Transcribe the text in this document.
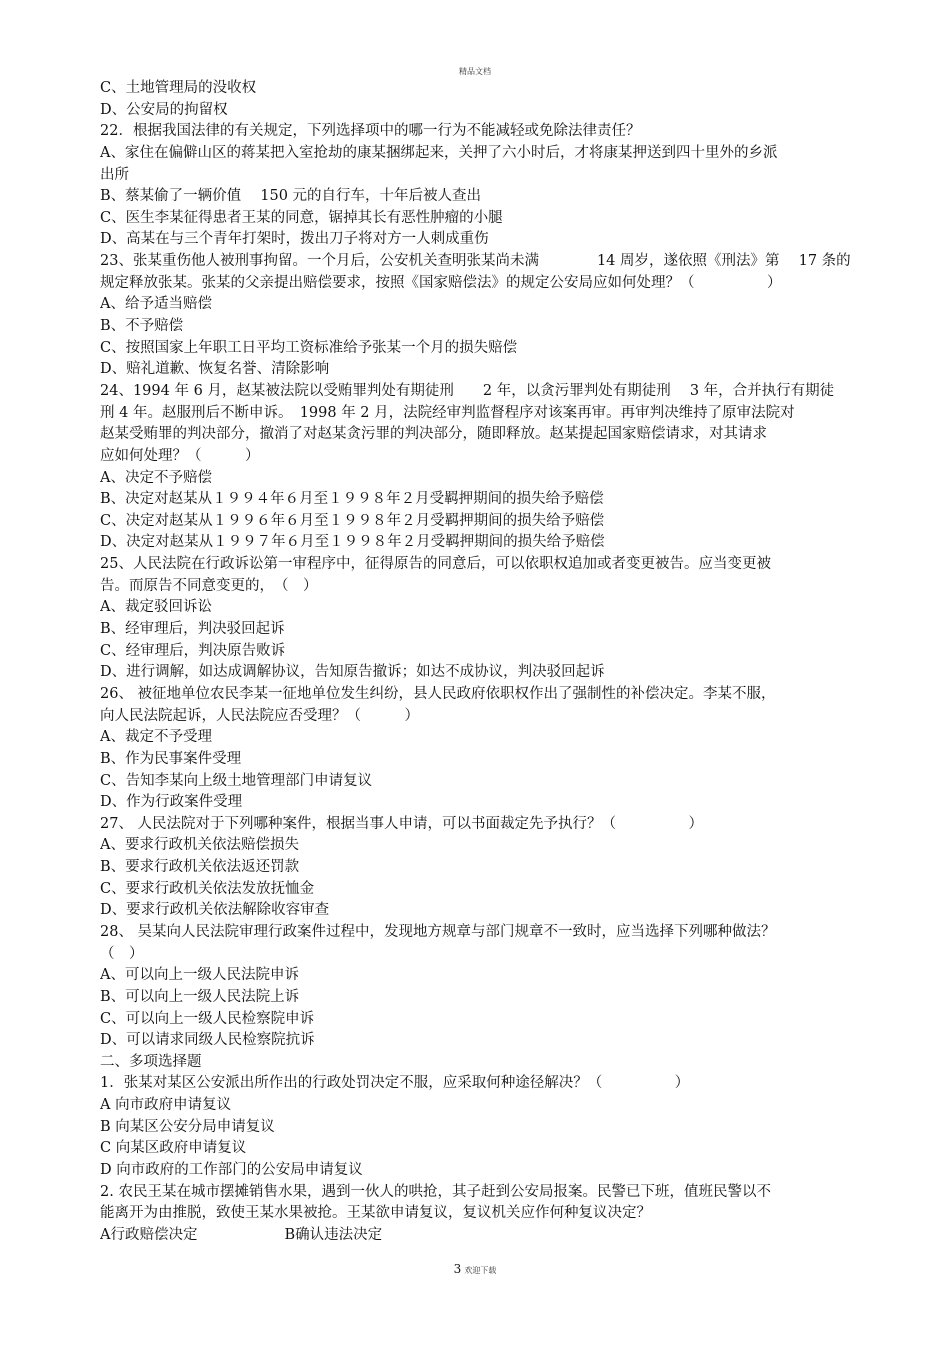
精品文档
C、土地管理局的没收权
D、公安局的拘留权
22．根据我国法律的有关规定，下列选择项中的哪一行为不能减轻或免除法律责任？
A、家住在偏僻山区的蒋某把入室抢劫的康某捆绑起来，关押了六小时后，才将康某押送到四十里外的乡派
出所
B、蔡某偷了一辆价值　 150 元的自行车，十年后被人查出
C、医生李某征得患者王某的同意，锯掉其长有恶性肿瘤的小腿
D、高某在与三个青年打架时，拨出刀子将对方一人刺成重伤
23、张某重伤他人被刑事拘留。一个月后，公安机关查明张某尚未满　　　　14 周岁，遂依照《刑法》第　 17 条的
规定释放张某。张某的父亲提出赔偿要求，按照《国家赔偿法》的规定公安局应如何处理？（　　　　　）
A、给予适当赔偿
B、不予赔偿
C、按照国家上年职工日平均工资标准给予张某一个月的损失赔偿
D、赔礼道歉、恢复名誉、清除影响
24、1994 年 6 月，赵某被法院以受贿罪判处有期徒刑　　2 年，以贪污罪判处有期徒刑　 3 年，合并执行有期徒
刑 4 年。赵服刑后不断申诉。　1998 年 2 月，法院经审判监督程序对该案再审。再审判决维持了原审法院对
赵某受贿罪的判决部分，撤消了对赵某贪污罪的判决部分，随即释放。赵某提起国家赔偿请求，对其请求
应如何处理？（　　　）
A、决定不予赔偿
B、决定对赵某从１９９４年６月至１９９８年２月受羁押期间的损失给予赔偿
C、决定对赵某从１９９６年６月至１９９８年２月受羁押期间的损失给予赔偿
D、决定对赵某从１９９７年６月至１９９８年２月受羁押期间的损失给予赔偿
25、人民法院在行政诉讼第一审程序中，征得原告的同意后，可以依职权追加或者变更被告。应当变更被
告。而原告不同意变更的，　（　）
A、裁定驳回诉讼
B、经审理后，判决驳回起诉
C、经审理后，判决原告败诉
D、进行调解，如达成调解协议，告知原告撤诉；如达不成协议，判决驳回起诉
26、 被征地单位农民李某一征地单位发生纠纷，县人民政府依职权作出了强制性的补偿决定。李某不服，
向人民法院起诉，人民法院应否受理？（　　　）
A、裁定不予受理
B、作为民事案件受理
C、告知李某向上级土地管理部门申请复议
D、作为行政案件受理
27、 人民法院对于下列哪种案件，根据当事人申请，可以书面裁定先予执行？（　　　　　）
A、要求行政机关依法赔偿损失
B、要求行政机关依法返还罚款
C、要求行政机关依法发放抚恤金
D、要求行政机关依法解除收容审查
28、 吴某向人民法院审理行政案件过程中，发现地方规章与部门规章不一致时，应当选择下列哪种做法？
（　）
A、可以向上一级人民法院申诉
B、可以向上一级人民法院上诉
C、可以向上一级人民检察院申诉
D、可以请求同级人民检察院抗诉
二、多项选择题
1．张某对某区公安派出所作出的行政处罚决定不服，应采取何种途径解决？（　　　　　）
A 向市政府申请复议
B 向某区公安分局申请复议
C 向某区政府申请复议
D 向市政府的工作部门的公安局申请复议
2. 农民王某在城市摆摊销售水果，遇到一伙人的哄抢，其子赶到公安局报案。民警已下班，值班民警以不
能离开为由推脱，致使王某水果被抢。王某欲申请复议，复议机关应作何种复议决定？
A行政赔偿决定　　　　　　B确认违法决定
3 欢迎下载
